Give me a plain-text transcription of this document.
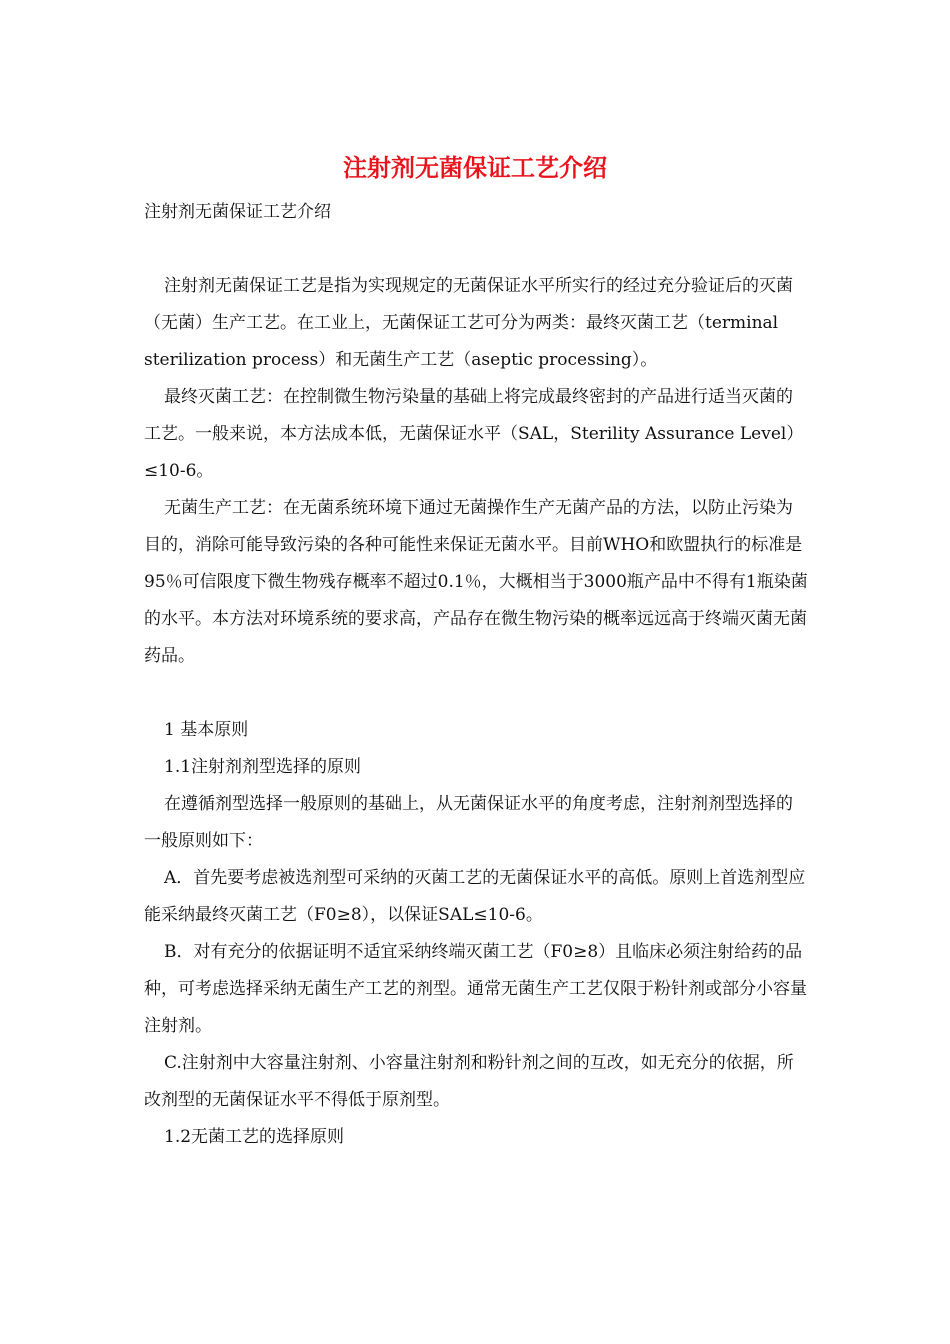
注射剂无菌保证工艺介绍

注射剂无菌保证工艺介绍

注射剂无菌保证工艺是指为实现规定的无菌保证水平所实行的经过充分验证后的灭菌（无菌）生产工艺。在工业上，无菌保证工艺可分为两类：最终灭菌工艺（terminal sterilization process）和无菌生产工艺（aseptic processing）。

最终灭菌工艺：在控制微生物污染量的基础上将完成最终密封的产品进行适当灭菌的工艺。一般来说，本方法成本低，无菌保证水平（SAL，Sterility Assurance Level）≤10-6。

无菌生产工艺：在无菌系统环境下通过无菌操作生产无菌产品的方法，以防止污染为目的，消除可能导致污染的各种可能性来保证无菌水平。目前WHO和欧盟执行的标准是95％可信限度下微生物残存概率不超过0.1％，大概相当于3000瓶产品中不得有1瓶染菌的水平。本方法对环境系统的要求高，产品存在微生物污染的概率远远高于终端灭菌无菌药品。

1 基本原则

1.1注射剂剂型选择的原则

在遵循剂型选择一般原则的基础上，从无菌保证水平的角度考虑，注射剂剂型选择的一般原则如下：

A．首先要考虑被选剂型可采纳的灭菌工艺的无菌保证水平的高低。原则上首选剂型应能采纳最终灭菌工艺（F0≥8），以保证SAL≤10-6。

B．对有充分的依据证明不适宜采纳终端灭菌工艺（F0≥8）且临床必须注射给药的品种，可考虑选择采纳无菌生产工艺的剂型。通常无菌生产工艺仅限于粉针剂或部分小容量注射剂。

C.注射剂中大容量注射剂、小容量注射剂和粉针剂之间的互改，如无充分的依据，所改剂型的无菌保证水平不得低于原剂型。

1.2无菌工艺的选择原则
